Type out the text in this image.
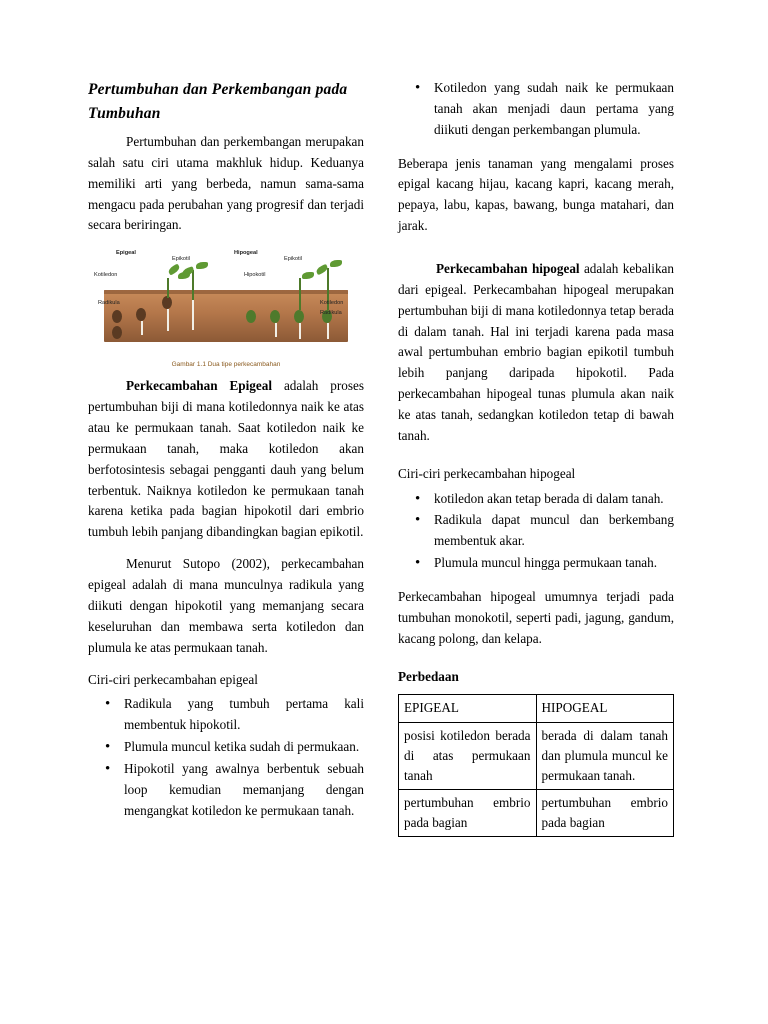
Pertumbuhan dan Perkembangan pada Tumbuhan

Pertumbuhan dan perkembangan merupakan salah satu ciri utama makhluk hidup. Keduanya memiliki arti yang berbeda, namun sama-sama mengacu pada perubahan yang progresif dan terjadi secara beriringan.

Epigeal	Hipogeal
Epikotil	Epikotil
Kotiledon	Hipokotil
Radikula	Kotiledon
Radikula
Gambar 1.1 Dua tipe perkecambahan

Perkecambahan Epigeal adalah proses pertumbuhan biji di mana kotiledonnya naik ke atas atau ke permukaan tanah. Saat kotiledon naik ke permukaan tanah, maka kotiledon akan berfotosintesis sebagai pengganti dauh yang belum terbentuk. Naiknya kotiledon ke permukaan tanah karena ketika pada bagian hipokotil dari embrio tumbuh lebih panjang dibandingkan bagian epikotil.

Menurut Sutopo (2002), perkecambahan epigeal adalah di mana munculnya radikula yang diikuti dengan hipokotil yang memanjang secara keseluruhan dan membawa serta kotiledon dan plumula ke atas permukaan tanah.

Ciri-ciri perkecambahan epigeal

• Radikula yang tumbuh pertama kali membentuk hipokotil.
• Plumula muncul ketika sudah di permukaan.
• Hipokotil yang awalnya berbentuk sebuah loop kemudian memanjang dengan mengangkat kotiledon ke permukaan tanah.
• Kotiledon yang sudah naik ke permukaan tanah akan menjadi daun pertama yang diikuti dengan perkembangan plumula.

Beberapa jenis tanaman yang mengalami proses epigal kacang hijau, kacang kapri, kacang merah, pepaya, labu, kapas, bawang, bunga matahari, dan jarak.

Perkecambahan hipogeal adalah kebalikan dari epigeal. Perkecambahan hipogeal merupakan pertumbuhan biji di mana kotiledonnya tetap berada di dalam tanah. Hal ini terjadi karena pada masa awal pertumbuhan embrio bagian epikotil tumbuh lebih panjang daripada hipokotil. Pada perkecambahan hipogeal tunas plumula akan naik ke atas tanah, sedangkan kotiledon tetap di bawah tanah.

Ciri-ciri perkecambahan hipogeal

• kotiledon akan tetap berada di dalam tanah.
• Radikula dapat muncul dan berkembang membentuk akar.
• Plumula muncul hingga permukaan tanah.

Perkecambahan hipogeal umumnya terjadi pada tumbuhan monokotil, seperti padi, jagung, gandum, kacang polong, dan kelapa.

Perbedaan

EPIGEAL	HIPOGEAL
posisi kotiledon berada di atas permukaan tanah	berada di dalam tanah dan plumula muncul ke permukaan tanah.
pertumbuhan embrio pada bagian	pertumbuhan embrio pada bagian
